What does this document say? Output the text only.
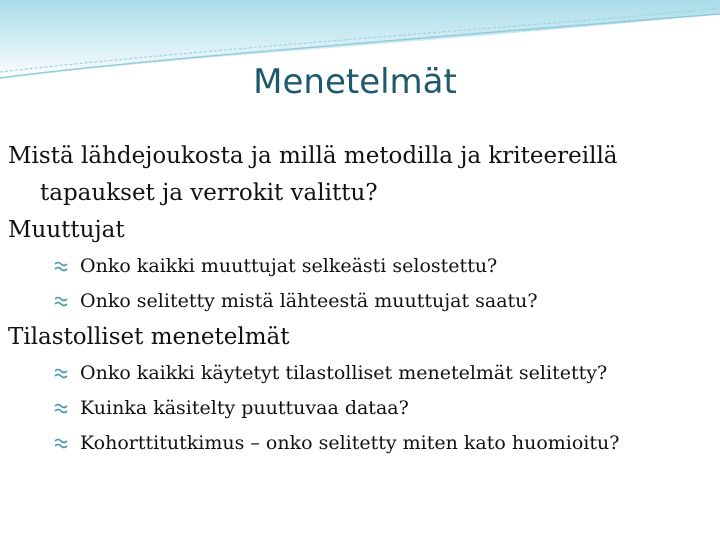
Menetelmät

Mistä lähdejoukosta ja millä metodilla ja kriteereillä tapaukset ja verrokit valittu?

Muuttujat

Onko kaikki muuttujat selkeästi selostettu?
Onko selitetty mistä lähteestä muuttujat saatu?

Tilastolliset menetelmät

Onko kaikki käytetyt tilastolliset menetelmät selitetty?
Kuinka käsitelty puuttuvaa dataa?
Kohorttitutkimus – onko selitetty miten kato huomioitu?
